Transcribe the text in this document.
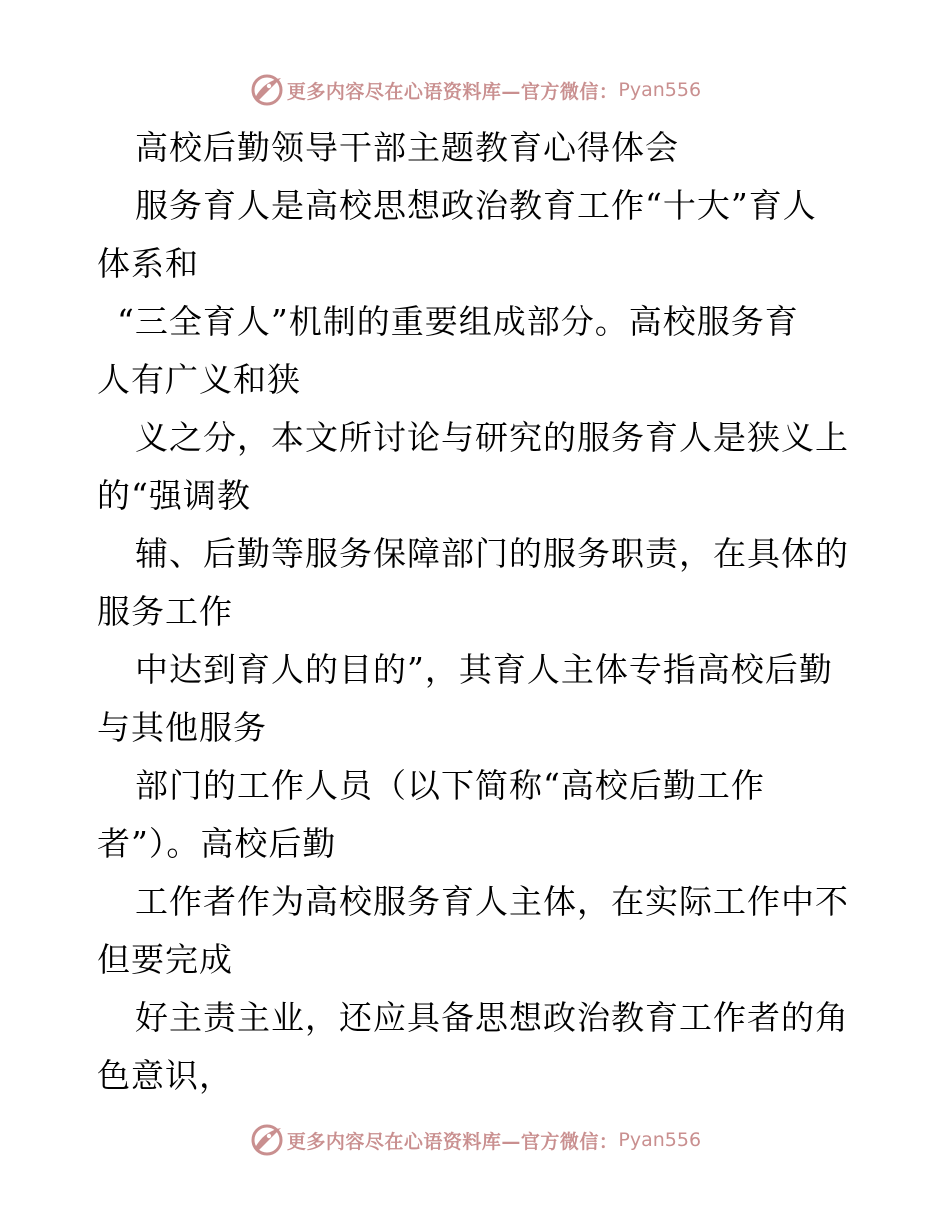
更多内容尽在心语资料库—官方微信： Pyan556
高校后勤领导干部主题教育心得体会
服务育人是高校思想政治教育工作“十大”育人
体系和
“三全育人”机制的重要组成部分。高校服务育
人有广义和狭
义之分，本文所讨论与研究的服务育人是狭义上
的“强调教
辅、后勤等服务保障部门的服务职责，在具体的
服务工作
中达到育人的目的”，其育人主体专指高校后勤
与其他服务
部门的工作人员（以下简称“高校后勤工作
者”）。高校后勤
工作者作为高校服务育人主体，在实际工作中不
但要完成
好主责主业，还应具备思想政治教育工作者的角
色意识，
更多内容尽在心语资料库—官方微信： Pyan556
